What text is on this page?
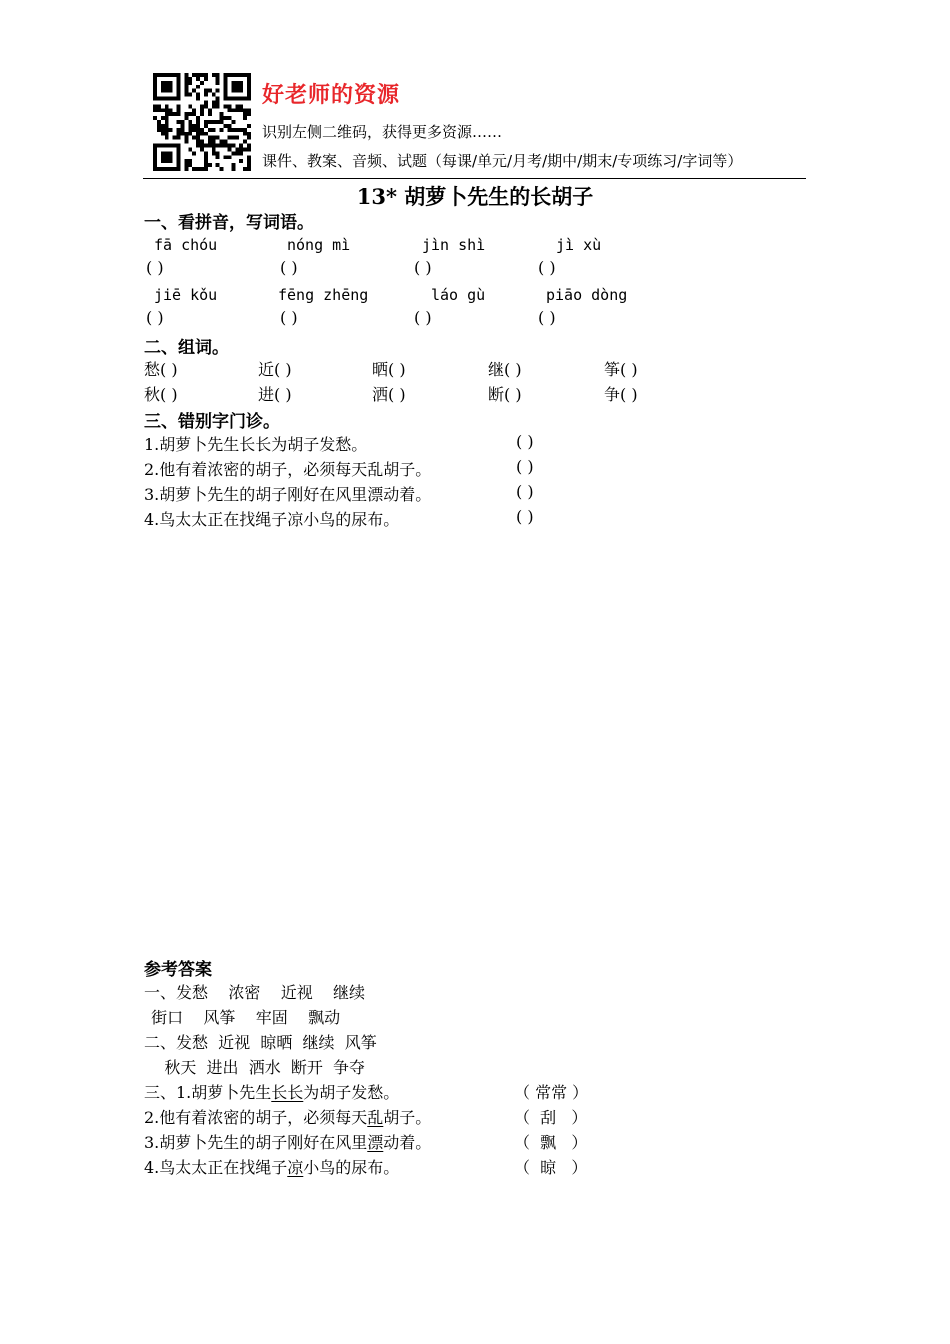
好老师的资源
识别左侧二维码，获得更多资源……
课件、教案、音频、试题（每课/单元/月考/期中/期末/专项练习/字词等）
13* 胡萝卜先生的长胡子
一、看拼音，写词语。
fā chóu	nóng mì	jìn shì	jì xù
( )	( )	( )	( )
jiē kǒu	fēng zhēng	láo gù	piāo dòng
( )	( )	( )	( )
二、组词。
愁( )	近( )	晒( )	继( )	筝( )
秋( )	进( )	洒( )	断( )	争( )
三、错别字门诊。
1.胡萝卜先生长长为胡子发愁。	( )
2.他有着浓密的胡子，必须每天乱胡子。	( )
3.胡萝卜先生的胡子刚好在风里漂动着。	( )
4.鸟太太正在找绳子凉小鸟的尿布。	( )
参考答案
一、发愁    浓密    近视    继续
街口    风筝    牢固    飘动
二、发愁  近视  晾晒  继续  风筝
秋天  进出  洒水  断开  争夺
三、1.胡萝卜先生长长为胡子发愁。	（ 常常 ）
2.他有着浓密的胡子，必须每天乱胡子。	（  刮   ）
3.胡萝卜先生的胡子刚好在风里漂动着。	（  飘   ）
4.鸟太太正在找绳子凉小鸟的尿布。	（  晾   ）
